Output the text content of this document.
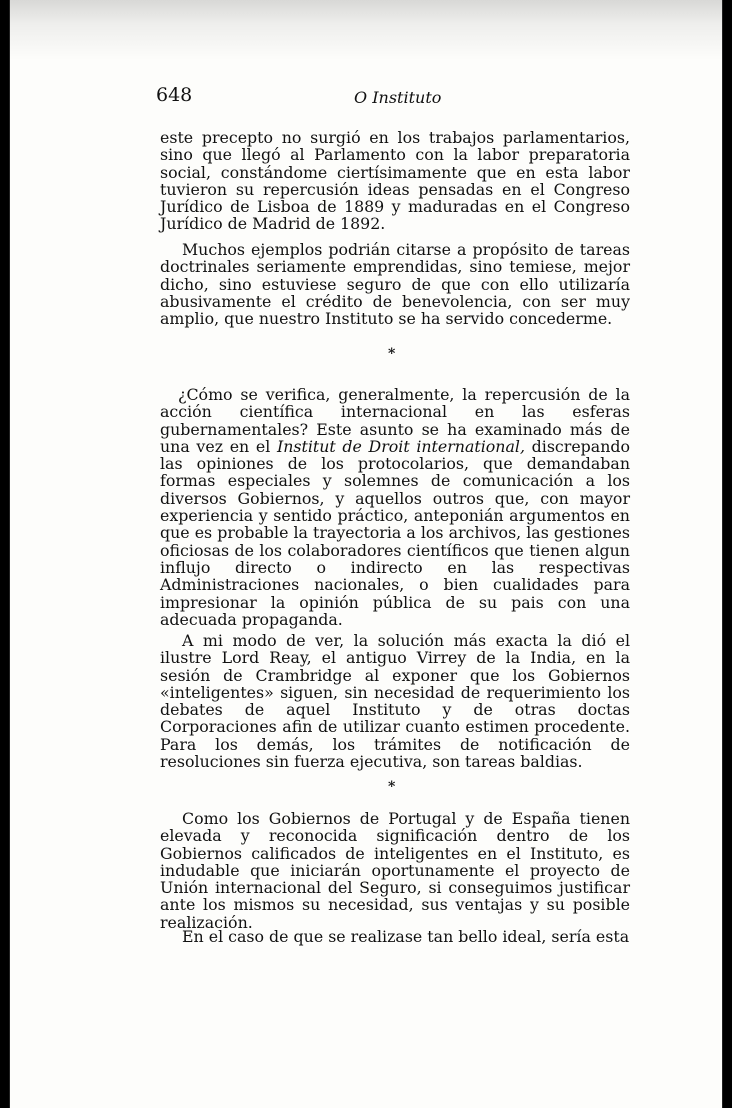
648	O Instituto

este precepto no surgió en los trabajos parlamentarios, sino que llegó al Parlamento con la labor preparatoria social, constándome ciertísimamente que en esta labor tuvieron su repercusión ideas pensadas en el Congreso Jurídico de Lisboa de 1889 y maduradas en el Congreso Jurídico de Madrid de 1892.

Muchos ejemplos podrián citarse a propósito de tareas doctrinales seriamente emprendidas, sino temiese, mejor dicho, sino estuviese seguro de que con ello utilizaría abusivamente el crédito de benevolencia, con ser muy amplio, que nuestro Instituto se ha servido concederme.

*

¿Cómo se verifica, generalmente, la repercusión de la acción científica internacional en las esferas gubernamentales? Este asunto se ha examinado más de una vez en el Institut de Droit international, discrepando las opiniones de los protocolarios, que demandaban formas especiales y solemnes de comunicación a los diversos Gobiernos, y aquellos outros que, con mayor experiencia y sentido práctico, anteponián argumentos en que es probable la trayectoria a los archivos, las gestiones oficiosas de los colaboradores científicos que tienen algun influjo directo o indirecto en las respectivas Administraciones nacionales, o bien cualidades para impresionar la opinión pública de su pais con una adecuada propaganda.

A mi modo de ver, la solución más exacta la dió el ilustre Lord Reay, el antiguo Virrey de la India, en la sesión de Crambridge al exponer que los Gobiernos «inteligentes» siguen, sin necesidad de requerimiento los debates de aquel Instituto y de otras doctas Corporaciones afin de utilizar cuanto estimen procedente. Para los demás, los trámites de notificación de resoluciones sin fuerza ejecutiva, son tareas baldias.

*

Como los Gobiernos de Portugal y de España tienen elevada y reconocida significación dentro de los Gobiernos calificados de inteligentes en el Instituto, es indudable que iniciarán oportunamente el proyecto de Unión internacional del Seguro, si conseguimos justificar ante los mismos su necesidad, sus ventajas y su posible realización.

En el caso de que se realizase tan bello ideal, sería esta
